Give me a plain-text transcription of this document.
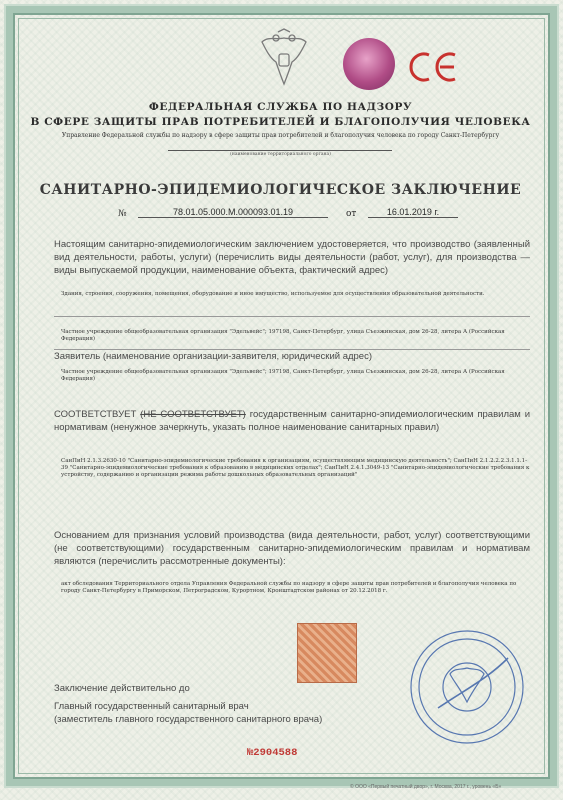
ФЕДЕРАЛЬНАЯ СЛУЖБА ПО НАДЗОРУ
В СФЕРЕ ЗАЩИТЫ ПРАВ ПОТРЕБИТЕЛЕЙ И БЛАГОПОЛУЧИЯ ЧЕЛОВЕКА
Управление Федеральной службы по надзору в сфере защиты прав потребителей и благополучия человека по городу Санкт-Петербургу
(наименование территориального органа)
САНИТАРНО-ЭПИДЕМИОЛОГИЧЕСКОЕ ЗАКЛЮЧЕНИЕ
№	78.01.05.000.М.000093.01.19	от	16.01.2019 г.
Настоящим санитарно-эпидемиологическим заключением удостоверяется, что производство (заявленный вид деятельности, работы, услуги) (перечислить виды деятельности (работ, услуг), для производства — виды выпускаемой продукции, наименование объекта, фактический адрес)
Здания, строения, сооружения, помещения, оборудование и иное имущество, используемое для осуществления образовательной деятельности.
Частное учреждение общеобразовательная организация "Эдельвейс"; 197198, Санкт-Петербург, улица Съезжинская, дом 26-28, литера А (Российская Федерация)
Заявитель (наименование организации-заявителя, юридический адрес)
Частное учреждение общеобразовательная организация "Эдельвейс"; 197198, Санкт-Петербург, улица Съезжинская, дом 26-28, литера А (Российская Федерация)
СООТВЕТСТВУЕТ (НЕ СООТВЕТСТВУЕТ) государственным санитарно-эпидемиологическим правилам и нормативам (ненужное зачеркнуть, указать полное наименование санитарных правил)
СанПиН 2.1.3.2630-10 "Санитарно-эпидемиологические требования к организациям, осуществляющим медицинскую деятельность"; СанПиН 2.1.2.2.2.3.1.1.1-39 "Санитарно-эпидемиологические требования к образованию в медицинских отделах"; СанПиН 2.4.1.3049-13 "Санитарно-эпидемиологические требования к устройству, содержанию и организации режима работы дошкольных образовательных организаций"
Основанием для признания условий производства (вида деятельности, работ, услуг) соответствующими (не соответствующими) государственным санитарно-эпидемиологическим правилам и нормативам являются (перечислить рассмотренные документы):
акт обследования Территориального отдела Управления Федеральной службы по надзору в сфере защиты прав потребителей и благополучия человека по городу Санкт-Петербургу в Приморском, Петроградском, Курортном, Кронштадтском районах от 20.12.2018 г.
Заключение действительно до
Главный государственный санитарный врач
(заместитель главного государственного санитарного врача)
№2904588
© ООО «Первый печатный двор», г. Москва, 2017 г., уровень «Б»
